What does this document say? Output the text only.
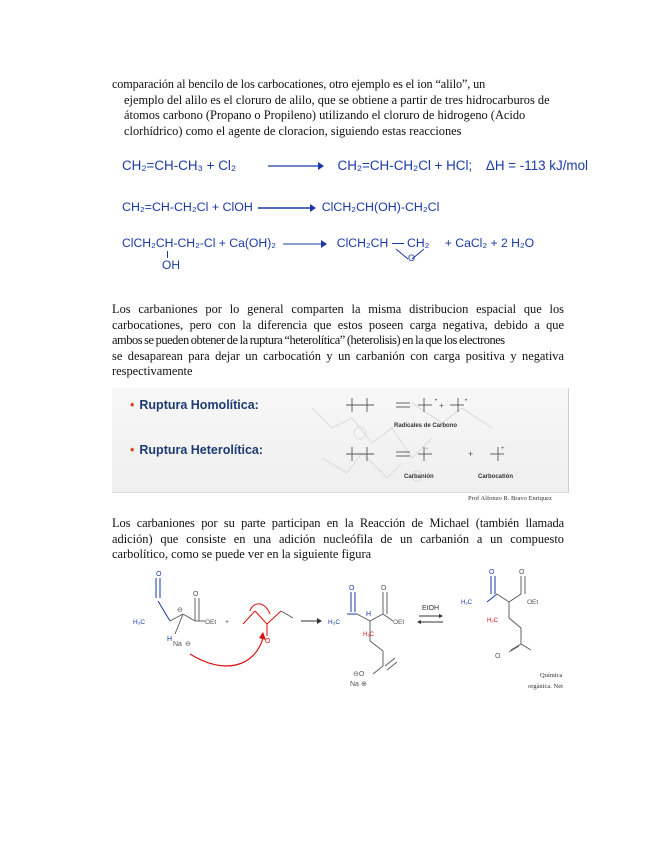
comparación al bencilo de los carbocationes, otro ejemplo es el ion “alilo”, un

ejemplo del alilo es el cloruro de alilo, que se obtiene a partir de tres hidrocarburos de átomos carbono (Propano o Propileno) utilizando el cloruro de hidrogeno (Acido clorhídrico) como el agente de cloracion, siguiendo estas reacciones

CH₂=CH-CH₃ + Cl₂	CH₂=CH-CH₂Cl + HCl; ΔH = -113 kJ/mol
CH₂=CH-CH₂Cl + ClOH	ClCH₂CH(OH)-CH₂Cl
ClCH₂CH-CH₂-Cl + Ca(OH)₂ → ClCH₂CH CH₂ + CaCl₂ + 2 H₂O
OH	O

Los carbaniones por lo general comparten la misma distribucion espacial que los

carbocationes, pero con la diferencia que estos poseen carga negativa, debido a que

ambos se pueden obtener de la ruptura “heterolítica” (heterolisis) en la que los electrones

se desaparean para dejar un carbocatión y un carbanión con carga positiva y negativa

respectivamente

• +	•
−	+	+
• Ruptura Homolítica:
• Ruptura Heterolítica:
Radicales de Carbono
Carbanión	Carbocatión
Prof Alfonzo R. Bravo Enriquez

Los carbaniones por su parte participan en la Reacción de Michael (también llamada

adición) que consiste en una adición nucleófila de un carbanión a un compuesto

carbolítico, como se puede ver en la siguiente figura

O
H₃C
O
⊖
OEt
H
Na ⊖
+
O
O
H₃C
O
OEt
H
H₂C
⊖O
Na ⊕
EtOH
O
H₃C
O
OEt
H₂C
O
Química
orgánica. Net
